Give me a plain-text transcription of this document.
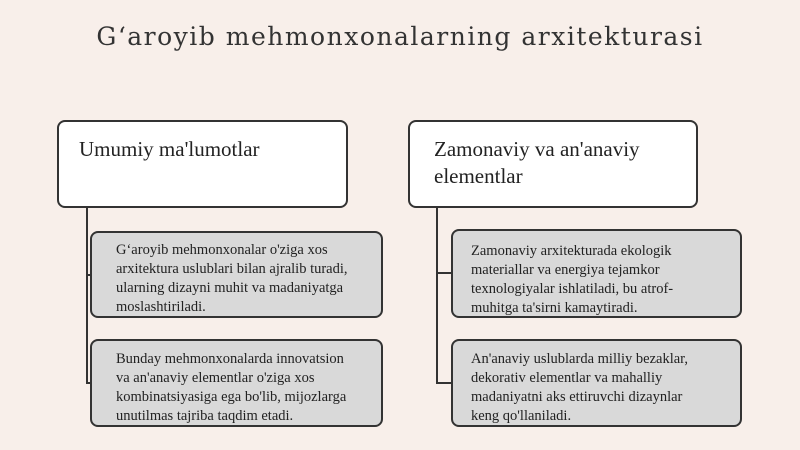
G‘aroyib mehmonxonalarning arxitekturasi
Umumiy ma'lumotlar
G‘aroyib mehmonxonalar o'ziga xos
arxitektura uslublari bilan ajralib turadi,
ularning dizayni muhit va madaniyatga
moslashtiriladi.
Bunday mehmonxonalarda innovatsion
va an'anaviy elementlar o'ziga xos
kombinatsiyasiga ega bo'lib, mijozlarga
unutilmas tajriba taqdim etadi.
Zamonaviy va an'anaviy
elementlar
Zamonaviy arxitekturada ekologik
materiallar va energiya tejamkor
texnologiyalar ishlatiladi, bu atrof-
muhitga ta'sirni kamaytiradi.
An'anaviy uslublarda milliy bezaklar,
dekorativ elementlar va mahalliy
madaniyatni aks ettiruvchi dizaynlar
keng qo'llaniladi.
